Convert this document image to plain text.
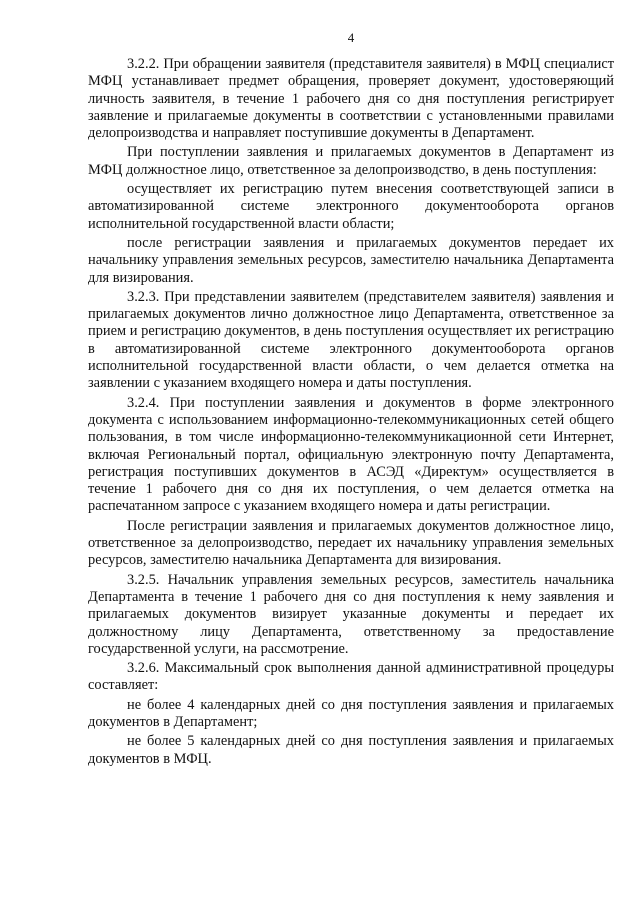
4

3.2.2. При обращении заявителя (представителя заявителя) в МФЦ специалист МФЦ устанавливает предмет обращения, проверяет документ, удостоверяющий личность заявителя, в течение 1 рабочего дня со дня поступления регистрирует заявление и прилагаемые документы в соответствии с установленными правилами делопроизводства и направляет поступившие документы в Департамент.

При поступлении заявления и прилагаемых документов в Департамент из МФЦ должностное лицо, ответственное за делопроизводство, в день поступления:

осуществляет их регистрацию путем внесения соответствующей записи в автоматизированной системе электронного документооборота органов исполнительной государственной власти области;

после регистрации заявления и прилагаемых документов передает их начальнику управления земельных ресурсов, заместителю начальника Департамента для визирования.

3.2.3. При представлении заявителем (представителем заявителя) заявления и прилагаемых документов лично должностное лицо Департамента, ответственное за прием и регистрацию документов, в день поступления осуществляет их регистрацию в автоматизированной системе электронного документооборота органов исполнительной государственной власти области, о чем делается отметка на заявлении с указанием входящего номера и даты поступления.

3.2.4. При поступлении заявления и документов в форме электронного документа с использованием информационно-телекоммуникационных сетей общего пользования, в том числе информационно-телекоммуникационной сети Интернет, включая Региональный портал, официальную электронную почту Департамента, регистрация поступивших документов в АСЭД «Директум» осуществляется в течение 1 рабочего дня со дня их поступления, о чем делается отметка на распечатанном запросе с указанием входящего номера и даты регистрации.

После регистрации заявления и прилагаемых документов должностное лицо, ответственное за делопроизводство, передает их начальнику управления земельных ресурсов, заместителю начальника Департамента для визирования.

3.2.5. Начальник управления земельных ресурсов, заместитель начальника Департамента в течение 1 рабочего дня со дня поступления к нему заявления и прилагаемых документов визирует указанные документы и передает их должностному лицу Департамента, ответственному за предоставление государственной услуги, на рассмотрение.

3.2.6. Максимальный срок выполнения данной административной процедуры составляет:

не более 4 календарных дней со дня поступления заявления и прилагаемых документов в Департамент;

не более 5 календарных дней со дня поступления заявления и прилагаемых документов в МФЦ.
